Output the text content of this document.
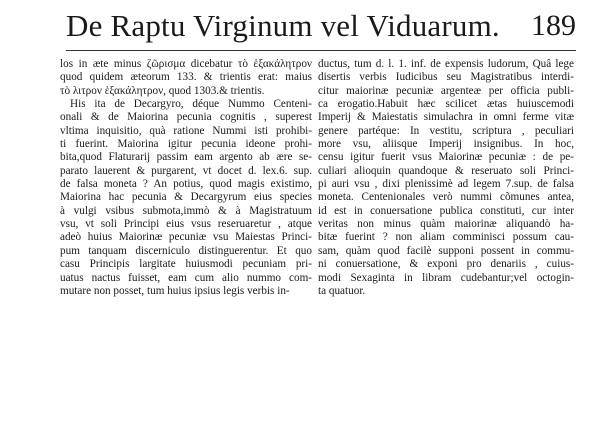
De Raptu Virginum vel Viduarum. 189
los in æte minus ζῶρισμα dicebatur τὸ ἑξακάλητρον
quod quidem æteorum 133. & trientis erat: maius
τὸ λιτρον ἑξακάλητρον, quod 1303.& trientis.
His ita de Decargyro, déque Nummo Centeni-
onali & de Maiorina pecunia cognitis , superest
vltima inquisitio, quà ratione Nummi isti prohibi-
ti fuerint. Maiorina igitur pecunia ideone prohi-
bita,quod Flaturarij passim eam argento ab ære se-
parato lauerent & purgarent, vt docet d. lex.6. sup.
de falsa moneta ? An potius, quod magis existimo,
Maiorina hac pecunia & Decargyrum eius species
à vulgi vsibus submota,immò & à Magistratuum
vsu, vt soli Principi eius vsus reseruaretur , atque
adeò huius Maiorinæ pecuniæ vsu Maiestas Princi-
pum tanquam discerniculo distinguerentur. Et quo
casu Principis largitate huiusmodi pecuniam pri-
uatus nactus fuisset, eam cum alio nummo com-
mutare non posset, tum huius ipsius legis verbis in-
ductus, tum d. l. 1. inf. de expensis ludorum, Quâ lege
disertis verbis Iudicibus seu Magistratibus interdi-
citur maiorinæ pecuniæ argenteæ per officia publi-
ca erogatio.Habuit hæc scilicet ætas huiuscemodi
Imperij & Maiestatis simulachra in omni ferme vitæ
genere partéque: In vestitu, scriptura , peculiari
more vsu, aliisque Imperij insignibus. In hoc,
censu igitur fuerit vsus Maiorinæ pecuniæ : de pe-
culiari alioquin quandoque & reseruato soli Princi-
pi auri vsu , dixi plenissimè ad legem 7.sup. de falsa
moneta. Centenionales verò nummi cõmunes antea,
id est in conuersatione publica constituti, cur inter
veritas non minus quàm maiorinæ aliquandò ha-
bitæ fuerint ? non aliam comminisci possum cau-
sam, quàm quod facilè supponi possent in commu-
ni conuersatione, & exponi pro denariis , cuius-
modi Sexaginta in libram cudebantur;vel octogin-
ta quatuor.
